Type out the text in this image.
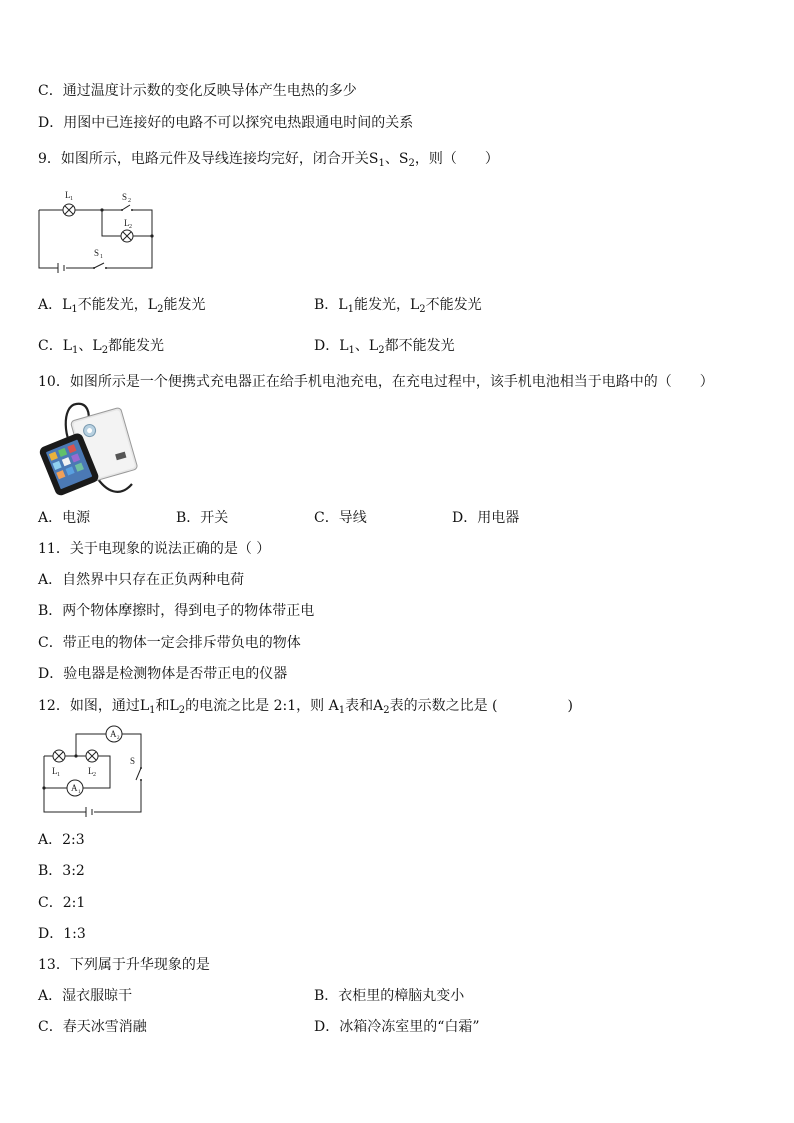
C．通过温度计示数的变化反映导体产生电热的多少
D．用图中已连接好的电路不可以探究电热跟通电时间的关系
9．如图所示，电路元件及导线连接均完好，闭合开关$S_1$、$S_2$，则（　　）
L 1	S 2
L 2
S 1
A．$L_1$不能发光，$L_2$能发光	B．$L_1$能发光，$L_2$不能发光
C．$L_1$、$L_2$都能发光	D．$L_1$、$L_2$都不能发光
10．如图所示是一个便携式充电器正在给手机电池充电，在充电过程中，该手机电池相当于电路中的（　　）
A．电源	B．开关	C．导线	D．用电器
11．关于电现象的说法正确的是（ ）
A．自然界中只存在正负两种电荷
B．两个物体摩擦时，得到电子的物体带正电
C．带正电的物体一定会排斥带负电的物体
D．验电器是检测物体是否带正电的仪器
12．如图，通过$L_1$和$L_2$的电流之比是 2:1，则 $A_1$表和$A_2$表的示数之比是 (　　　　　)
L 1	L 2
A 2
A 1
S
A．2:3
B．3:2
C．2:1
D．1:3
13．下列属于升华现象的是
A．湿衣服晾干	B．衣柜里的樟脑丸变小
C．春天冰雪消融	D．冰箱冷冻室里的“白霜”
